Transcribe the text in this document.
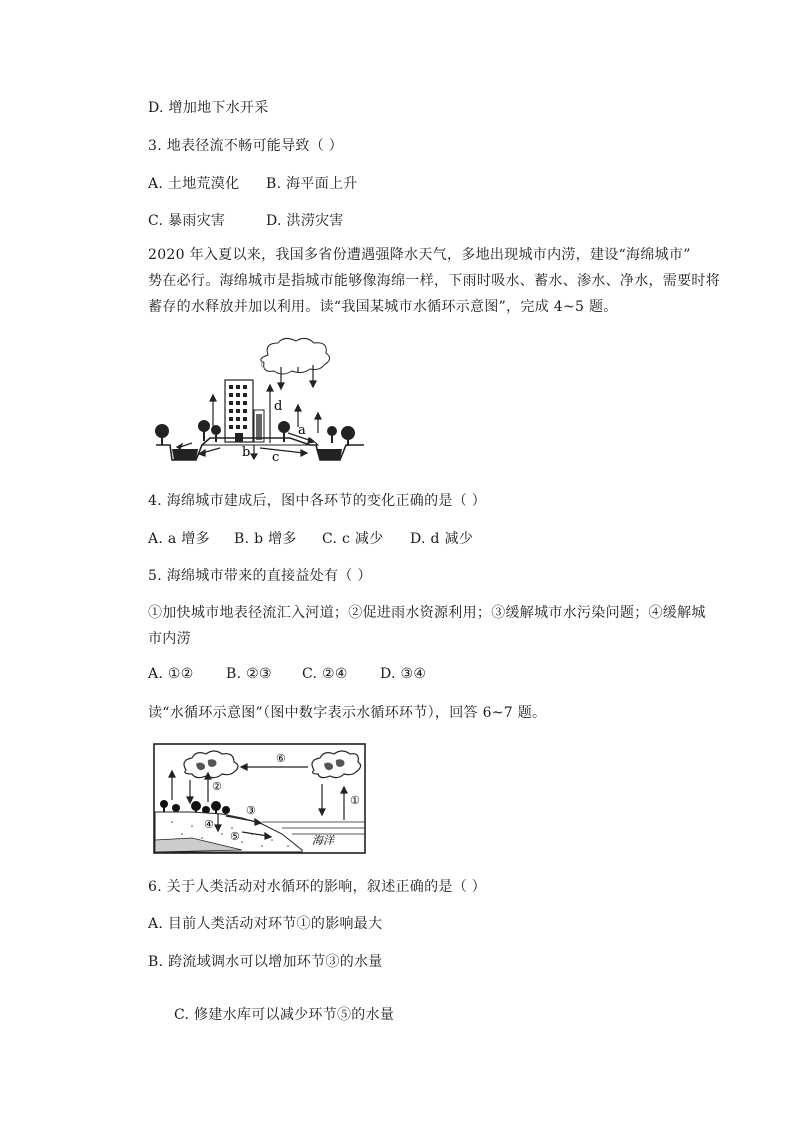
D. 增加地下水开采
3. 地表径流不畅可能导致（ ）
A. 土地荒漠化 B. 海平面上升
C. 暴雨灾害	D. 洪涝灾害
2020 年入夏以来，我国多省份遭遇强降水天气，多地出现城市内涝，建设“海绵城市”
势在必行。海绵城市是指城市能够像海绵一样，下雨时吸水、蓄水、渗水、净水，需要时将
蓄存的水释放并加以利用。读“我国某城市水循环示意图”，完成 4~5 题。
d
a
b c
4. 海绵城市建成后，图中各环节的变化正确的是（ ）
A. a 增多 B. b 增多 C. c 减少 D. d 减少
5. 海绵城市带来的直接益处有（ ）
①加快城市地表径流汇入河道；②促进雨水资源利用；③缓解城市水污染问题；④缓解城
市内涝
A. ①② B. ②③ C. ②④ D. ③④
读“水循环示意图”（图中数字表示水循环环节），回答 6~7 题。
⑥
①
②
③
④
⑤	海洋
6. 关于人类活动对水循环的影响，叙述正确的是（ ）
A. 目前人类活动对环节①的影响最大
B. 跨流域调水可以增加环节③的水量
C. 修建水库可以减少环节⑤的水量
